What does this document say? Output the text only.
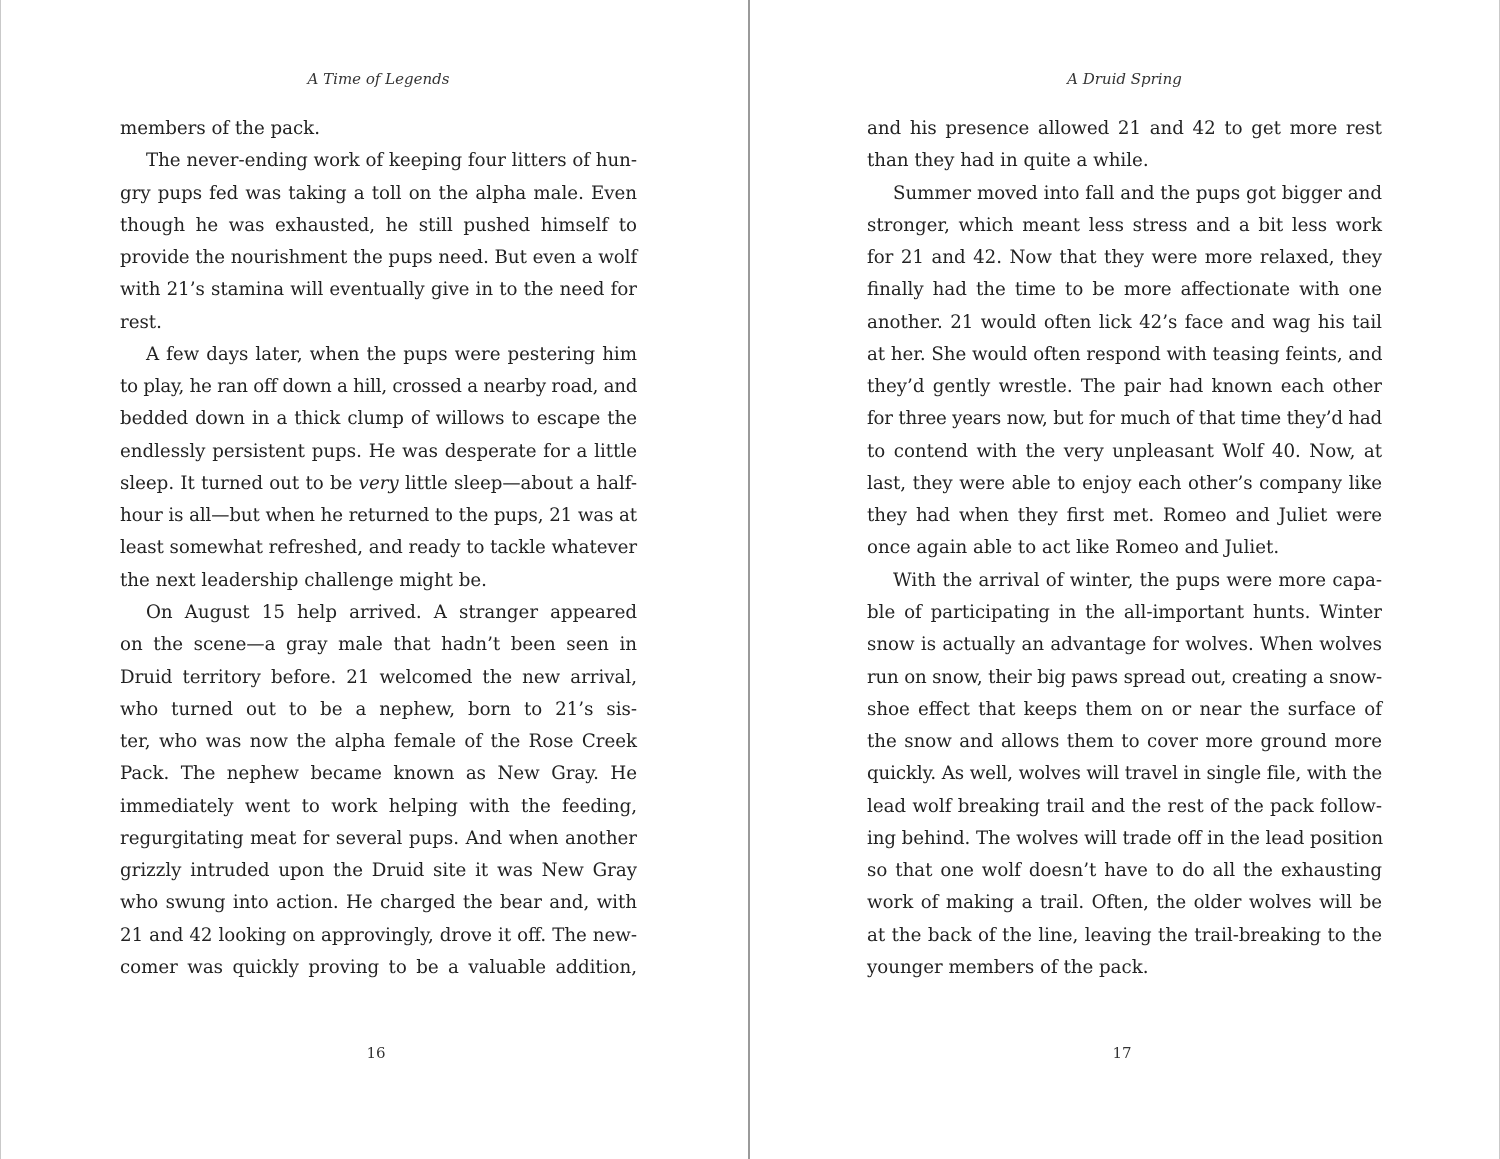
A Time of Legends
members of the pack.
The never-ending work of keeping four litters of hun-
gry pups fed was taking a toll on the alpha male. Even
though he was exhausted, he still pushed himself to
provide the nourishment the pups need. But even a wolf
with 21’s stamina will eventually give in to the need for
rest.
A few days later, when the pups were pestering him
to play, he ran off down a hill, crossed a nearby road, and
bedded down in a thick clump of willows to escape the
endlessly persistent pups. He was desperate for a little
sleep. It turned out to be very little sleep—about a half-
hour is all—but when he returned to the pups, 21 was at
least somewhat refreshed, and ready to tackle whatever
the next leadership challenge might be.
On August 15 help arrived. A stranger appeared
on the scene—a gray male that hadn’t been seen in
Druid territory before. 21 welcomed the new arrival,
who turned out to be a nephew, born to 21’s sis-
ter, who was now the alpha female of the Rose Creek
Pack. The nephew became known as New Gray. He
immediately went to work helping with the feeding,
regurgitating meat for several pups. And when another
grizzly intruded upon the Druid site it was New Gray
who swung into action. He charged the bear and, with
21 and 42 looking on approvingly, drove it off. The new-
comer was quickly proving to be a valuable addition,
16
A Druid Spring
and his presence allowed 21 and 42 to get more rest
than they had in quite a while.
Summer moved into fall and the pups got bigger and
stronger, which meant less stress and a bit less work
for 21 and 42. Now that they were more relaxed, they
finally had the time to be more affectionate with one
another. 21 would often lick 42’s face and wag his tail
at her. She would often respond with teasing feints, and
they’d gently wrestle. The pair had known each other
for three years now, but for much of that time they’d had
to contend with the very unpleasant Wolf 40. Now, at
last, they were able to enjoy each other’s company like
they had when they first met. Romeo and Juliet were
once again able to act like Romeo and Juliet.
With the arrival of winter, the pups were more capa-
ble of participating in the all-important hunts. Winter
snow is actually an advantage for wolves. When wolves
run on snow, their big paws spread out, creating a snow-
shoe effect that keeps them on or near the surface of
the snow and allows them to cover more ground more
quickly. As well, wolves will travel in single file, with the
lead wolf breaking trail and the rest of the pack follow-
ing behind. The wolves will trade off in the lead position
so that one wolf doesn’t have to do all the exhausting
work of making a trail. Often, the older wolves will be
at the back of the line, leaving the trail-breaking to the
younger members of the pack.
17
